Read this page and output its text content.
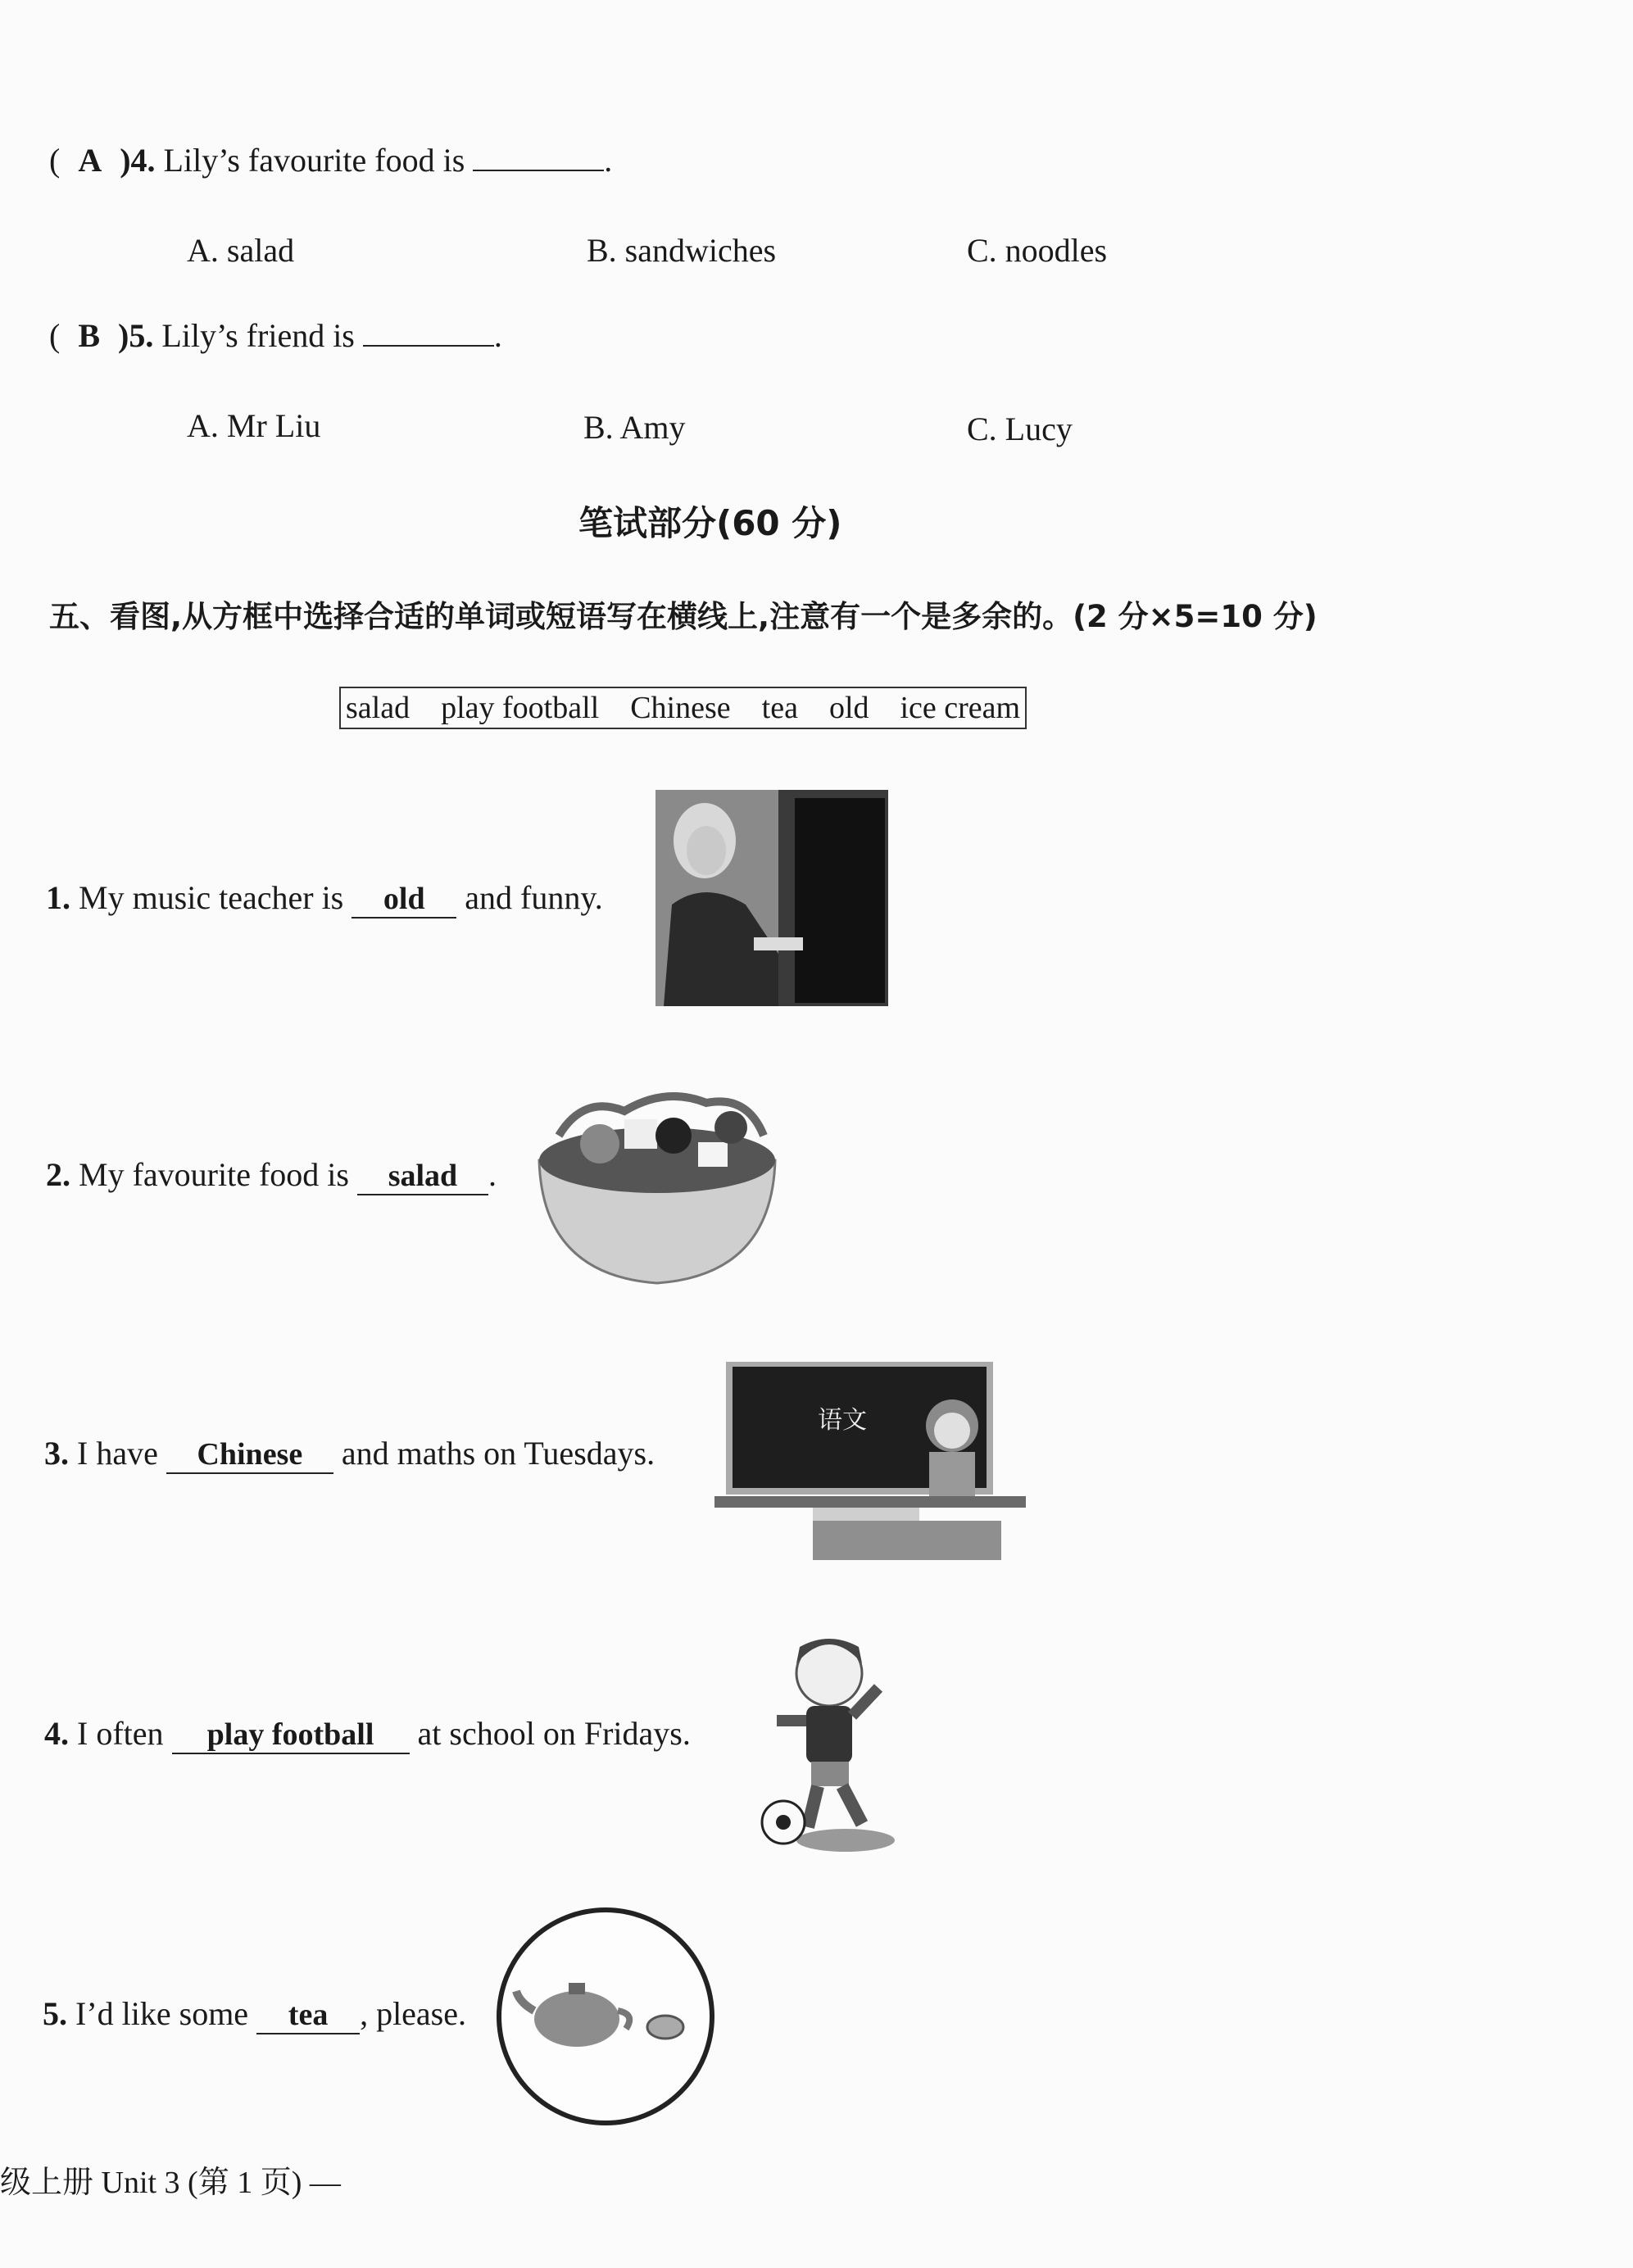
( A )4. Lily’s favourite food is	.
A. salad	B. sandwiches	C. noodles
( B )5. Lily’s friend is	.
A. Mr Liu	B. Amy	C. Lucy
笔试部分(60 分)
五、看图,从方框中选择合适的单词或短语写在横线上,注意有一个是多余的。(2 分×5=10 分)
salad play football Chinese tea old ice cream
1. My music teacher is old and funny.
2. My favourite food is salad .
3. I have Chinese and maths on Tuesdays.
语文
4. I often play football at school on Fridays.
5. I’d like some tea , please.
级上册 Unit 3 (第 1 页) —
